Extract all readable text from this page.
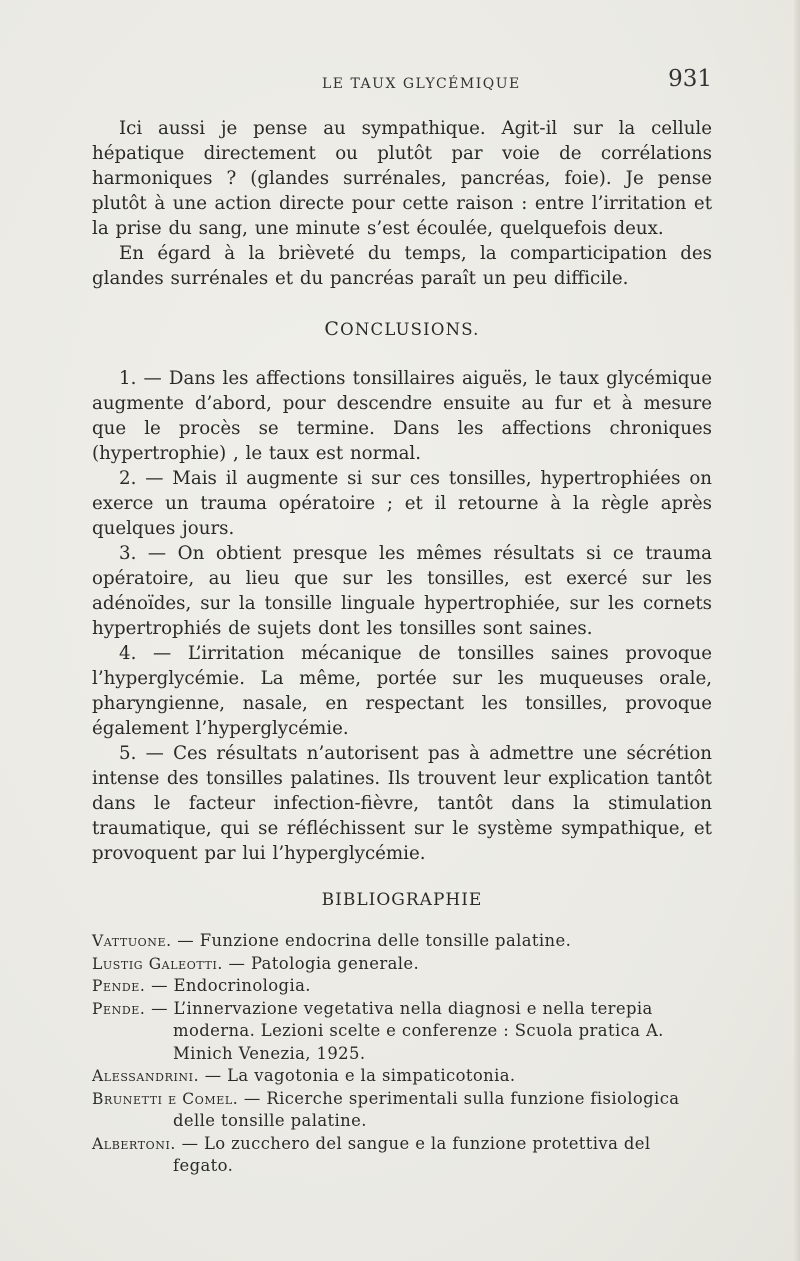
LE TAUX GLYCÉMIQUE	931

Ici aussi je pense au sympathique. Agit-il sur la cellule hépatique directement ou plutôt par voie de corrélations harmoniques ? (glandes surrénales, pancréas, foie). Je pense plutôt à une action directe pour cette raison : entre l’irritation et la prise du sang, une minute s’est écoulée, quelquefois deux.

En égard à la brièveté du temps, la comparticipation des glandes surrénales et du pancréas paraît un peu difficile.

CONCLUSIONS.

1. — Dans les affections tonsillaires aiguës, le taux glycémique augmente d’abord, pour descendre ensuite au fur et à mesure que le procès se termine. Dans les affections chroniques (hypertrophie) , le taux est normal.

2. — Mais il augmente si sur ces tonsilles, hypertrophiées on exerce un trauma opératoire ; et il retourne à la règle après quelques jours.

3. — On obtient presque les mêmes résultats si ce trauma opératoire, au lieu que sur les tonsilles, est exercé sur les adénoïdes, sur la tonsille linguale hypertrophiée, sur les cornets hypertrophiés de sujets dont les tonsilles sont saines.

4. — L’irritation mécanique de tonsilles saines provoque l’hyperglycémie. La même, portée sur les muqueuses orale, pharyngienne, nasale, en respectant les tonsilles, provoque également l’hyperglycémie.

5. — Ces résultats n’autorisent pas à admettre une sécrétion intense des tonsilles palatines. Ils trouvent leur explication tantôt dans le facteur infection-fièvre, tantôt dans la stimulation traumatique, qui se réfléchissent sur le système sympathique, et provoquent par lui l’hyperglycémie.

BIBLIOGRAPHIE

Vattuone. — Funzione endocrina delle tonsille palatine.

Lustig Galeotti. — Patologia generale.

Pende. — Endocrinologia.

Pende. — L’innervazione vegetativa nella diagnosi e nella terepia moderna. Lezioni scelte e conferenze : Scuola pratica A. Minich Venezia, 1925.

Alessandrini. — La vagotonia e la simpaticotonia.

Brunetti e Comel. — Ricerche sperimentali sulla funzione fisiologica delle tonsille palatine.

Albertoni. — Lo zucchero del sangue e la funzione protettiva del fegato.
